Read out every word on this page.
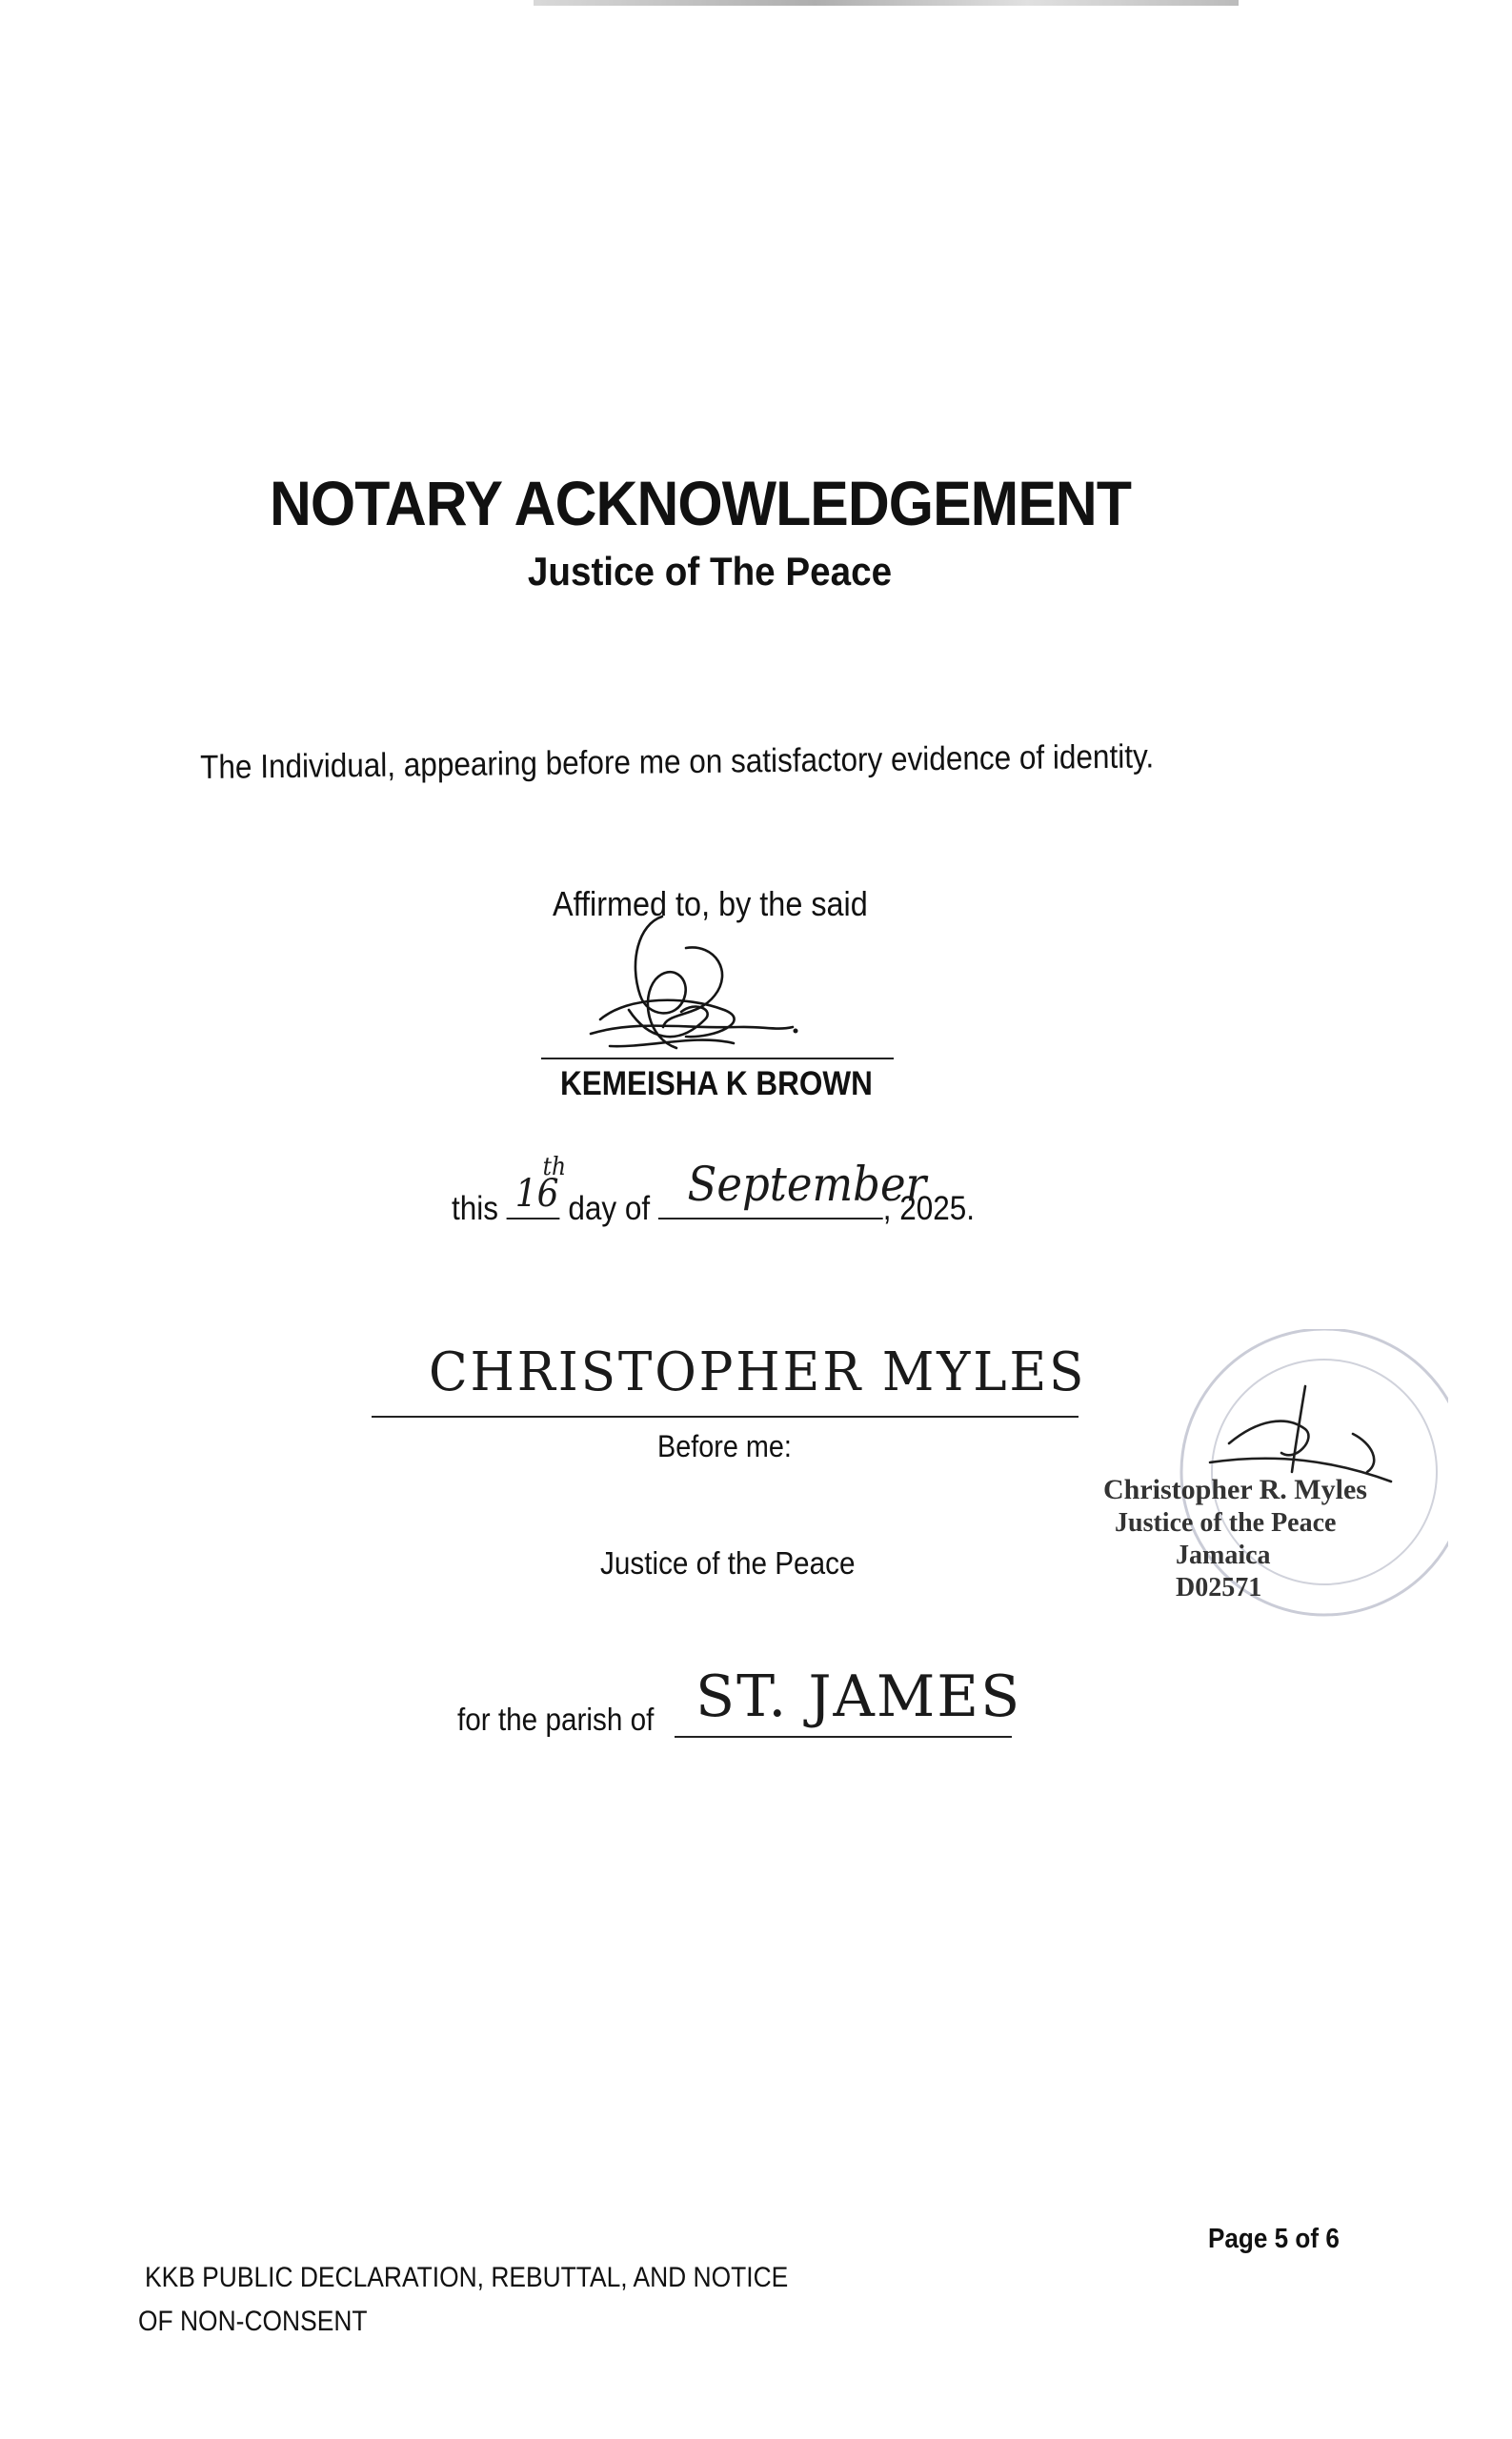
NOTARY ACKNOWLEDGEMENT
Justice of The Peace
The Individual, appearing before me on satisfactory evidence of identity.
Affirmed to, by the said
KEMEISHA K BROWN
this 16
th
day of September
, 2025.
CHRISTOPHER MYLES
Before me:
Justice of the Peace
for the parish of ST. JAMES
Christopher R. Myles
Justice of the Peace
Jamaica
D02571
Page 5 of 6
KKB PUBLIC DECLARATION, REBUTTAL, AND NOTICE
OF NON-CONSENT
